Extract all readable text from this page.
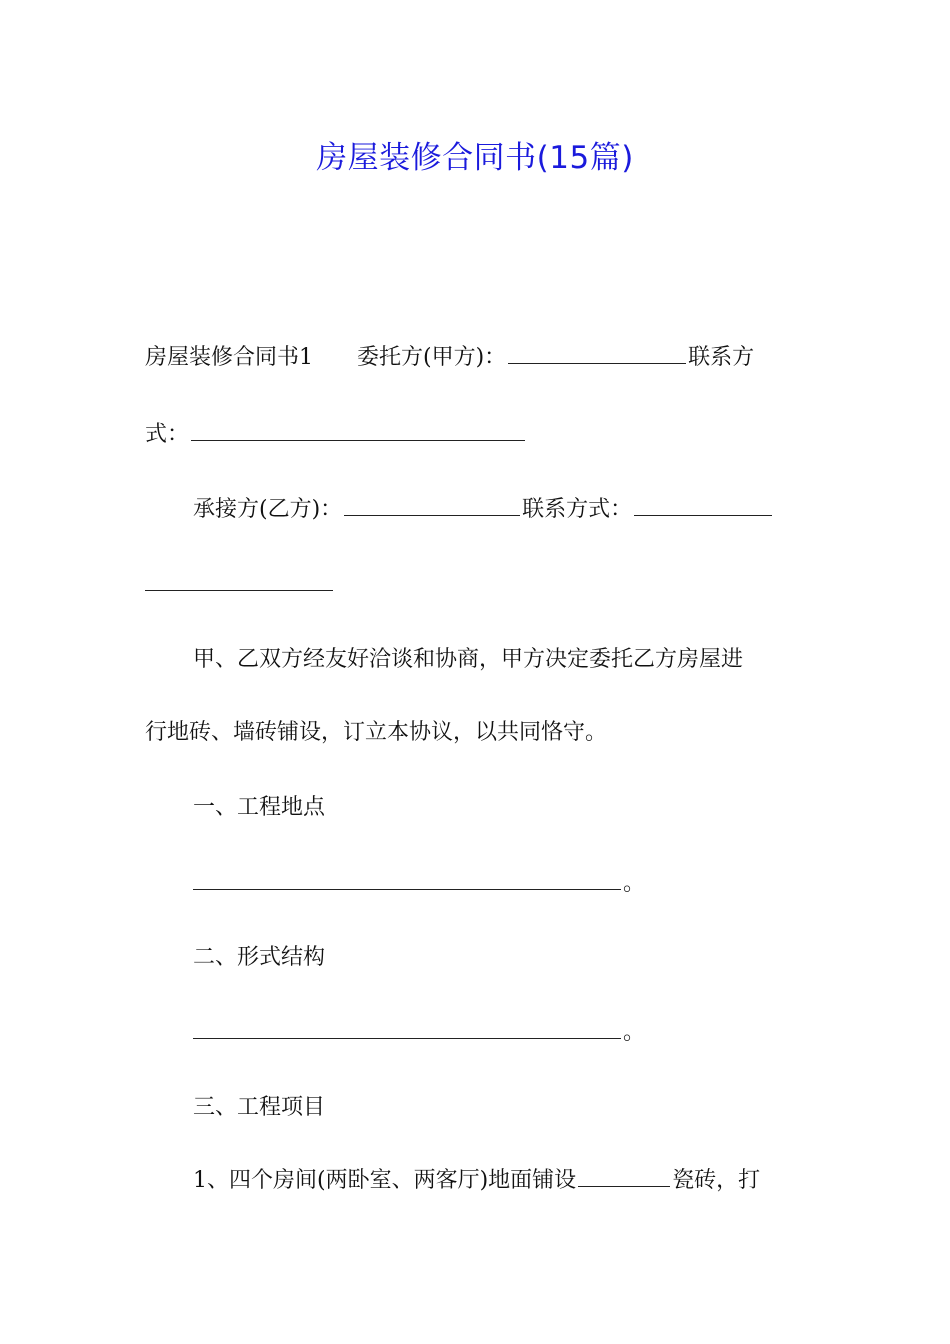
房屋装修合同书(15篇)
房屋装修合同书1　　委托方(甲方)：	联系方
式：
承接方(乙方)：	联系方式：
甲、乙双方经友好洽谈和协商，甲方决定委托乙方房屋进
行地砖、墙砖铺设，订立本协议，以共同恪守。
一、工程地点
。
二、形式结构
。
三、工程项目
1、四个房间(两卧室、两客厅)地面铺设	瓷砖，打
